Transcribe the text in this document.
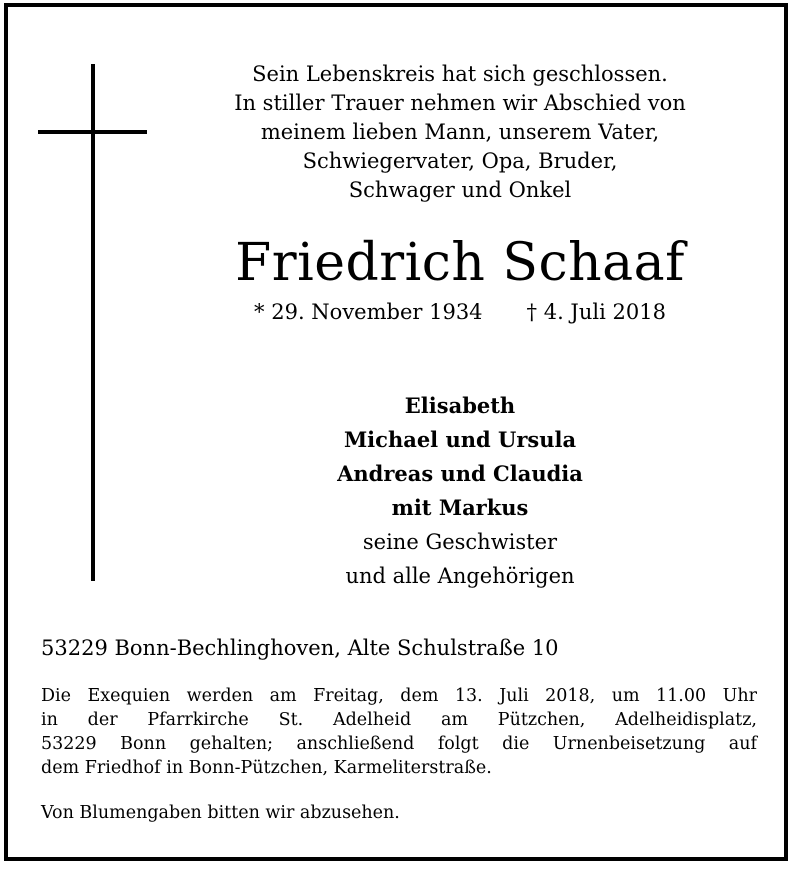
Sein Lebenskreis hat sich geschlossen.
In stiller Trauer nehmen wir Abschied von
meinem lieben Mann, unserem Vater,
Schwiegervater, Opa, Bruder,
Schwager und Onkel
Friedrich Schaaf
* 29. November 1934 † 4. Juli 2018
Elisabeth
Michael und Ursula
Andreas und Claudia
mit Markus
seine Geschwister
und alle Angehörigen
53229 Bonn-Bechlinghoven, Alte Schulstraße 10
Die Exequien werden am Freitag, dem 13. Juli 2018, um 11.00 Uhr
in der Pfarrkirche St. Adelheid am Pützchen, Adelheidisplatz,
53229 Bonn gehalten; anschließend folgt die Urnenbeisetzung auf
dem Friedhof in Bonn-Pützchen, Karmeliterstraße.
Von Blumengaben bitten wir abzusehen.
